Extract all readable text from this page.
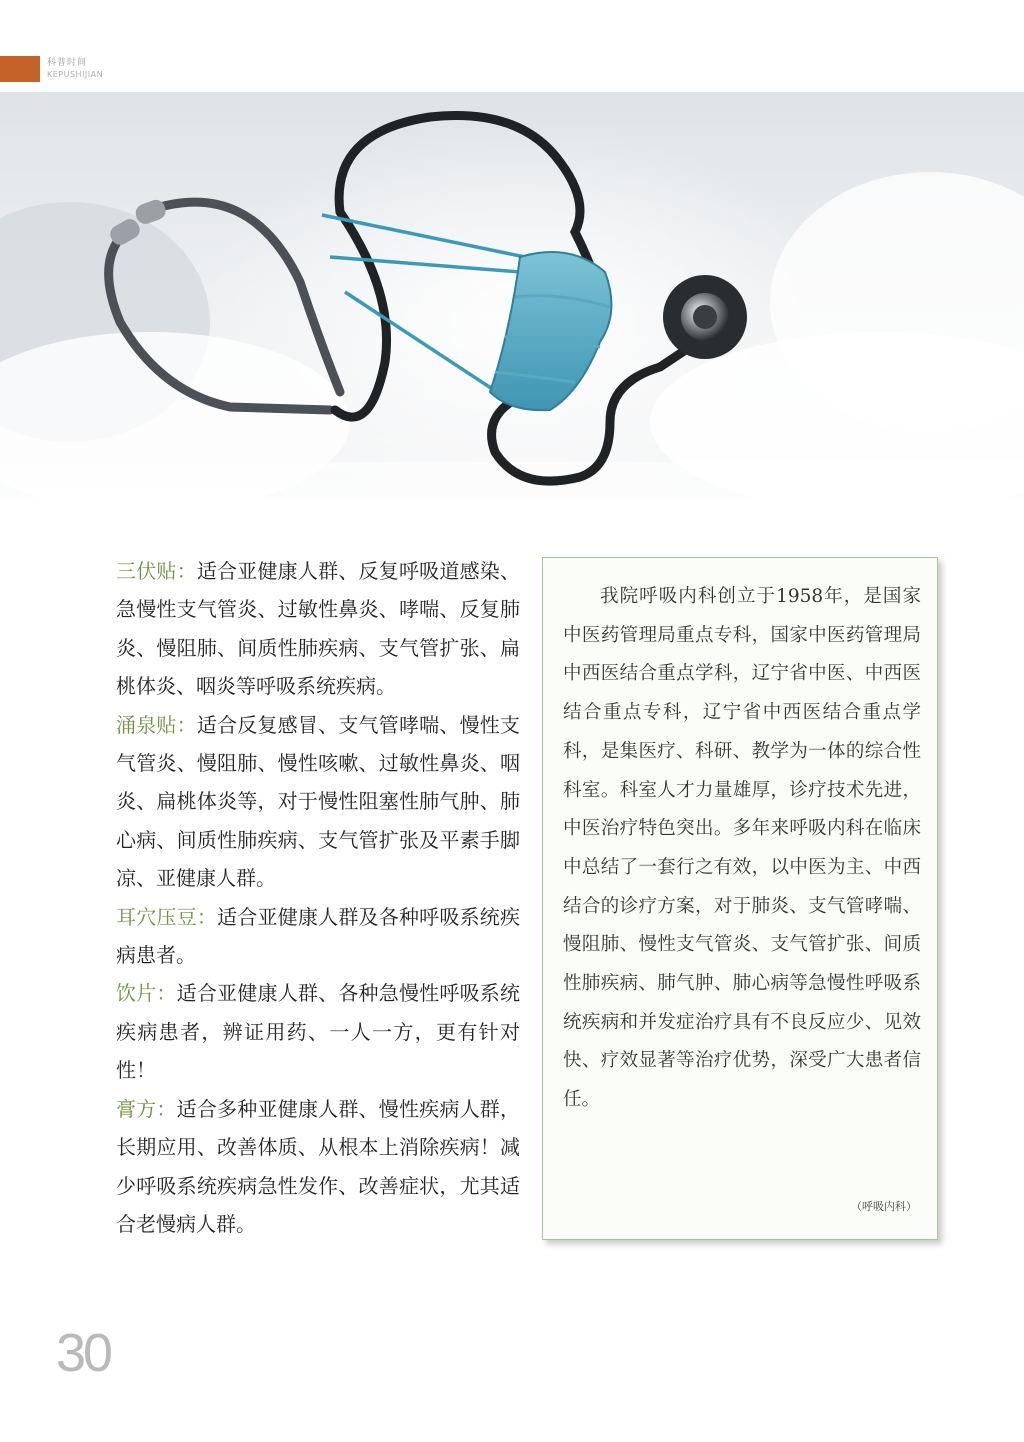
科普时间
KEPUSHIJIAN

三伏贴：适合亚健康人群、反复呼吸道感染、急慢性支气管炎、过敏性鼻炎、哮喘、反复肺炎、慢阻肺、间质性肺疾病、支气管扩张、扁桃体炎、咽炎等呼吸系统疾病。

涌泉贴：适合反复感冒、支气管哮喘、慢性支气管炎、慢阻肺、慢性咳嗽、过敏性鼻炎、咽炎、扁桃体炎等，对于慢性阻塞性肺气肿、肺心病、间质性肺疾病、支气管扩张及平素手脚凉、亚健康人群。

耳穴压豆：适合亚健康人群及各种呼吸系统疾病患者。

饮片：适合亚健康人群、各种急慢性呼吸系统疾病患者，辨证用药、一人一方，更有针对性！

膏方：适合多种亚健康人群、慢性疾病人群，长期应用、改善体质、从根本上消除疾病！减少呼吸系统疾病急性发作、改善症状，尤其适合老慢病人群。

我院呼吸内科创立于1958年，是国家中医药管理局重点专科，国家中医药管理局中西医结合重点学科，辽宁省中医、中西医结合重点专科，辽宁省中西医结合重点学科，是集医疗、科研、教学为一体的综合性科室。科室人才力量雄厚，诊疗技术先进，中医治疗特色突出。多年来呼吸内科在临床中总结了一套行之有效，以中医为主、中西结合的诊疗方案，对于肺炎、支气管哮喘、慢阻肺、慢性支气管炎、支气管扩张、间质性肺疾病、肺气肿、肺心病等急慢性呼吸系统疾病和并发症治疗具有不良反应少、见效快、疗效显著等治疗优势，深受广大患者信任。

（呼吸内科）
30
